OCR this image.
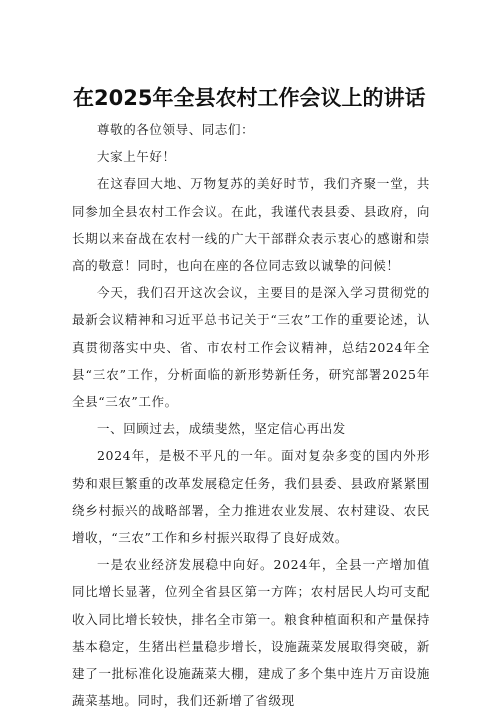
在2025年全县农村工作会议上的讲话

尊敬的各位领导、同志们：

大家上午好！

在这春回大地、万物复苏的美好时节，我们齐聚一堂，共同参加全县农村工作会议。在此，我谨代表县委、县政府，向长期以来奋战在农村一线的广大干部群众表示衷心的感谢和崇高的敬意！同时，也向在座的各位同志致以诚挚的问候！

今天，我们召开这次会议，主要目的是深入学习贯彻党的最新会议精神和习近平总书记关于“三农”工作的重要论述，认真贯彻落实中央、省、市农村工作会议精神，总结2024年全县“三农”工作，分析面临的新形势新任务，研究部署2025年全县“三农”工作。

一、回顾过去，成绩斐然，坚定信心再出发

2024年，是极不平凡的一年。面对复杂多变的国内外形势和艰巨繁重的改革发展稳定任务，我们县委、县政府紧紧围绕乡村振兴的战略部署，全力推进农业发展、农村建设、农民增收，“三农”工作和乡村振兴取得了良好成效。

一是农业经济发展稳中向好。2024年，全县一产增加值同比增长显著，位列全省县区第一方阵；农村居民人均可支配收入同比增长较快，排名全市第一。粮食种植面积和产量保持基本稳定，生猪出栏量稳步增长，设施蔬菜发展取得突破，新建了一批标准化设施蔬菜大棚，建成了多个集中连片万亩设施蔬菜基地。同时，我们还新增了省级现
